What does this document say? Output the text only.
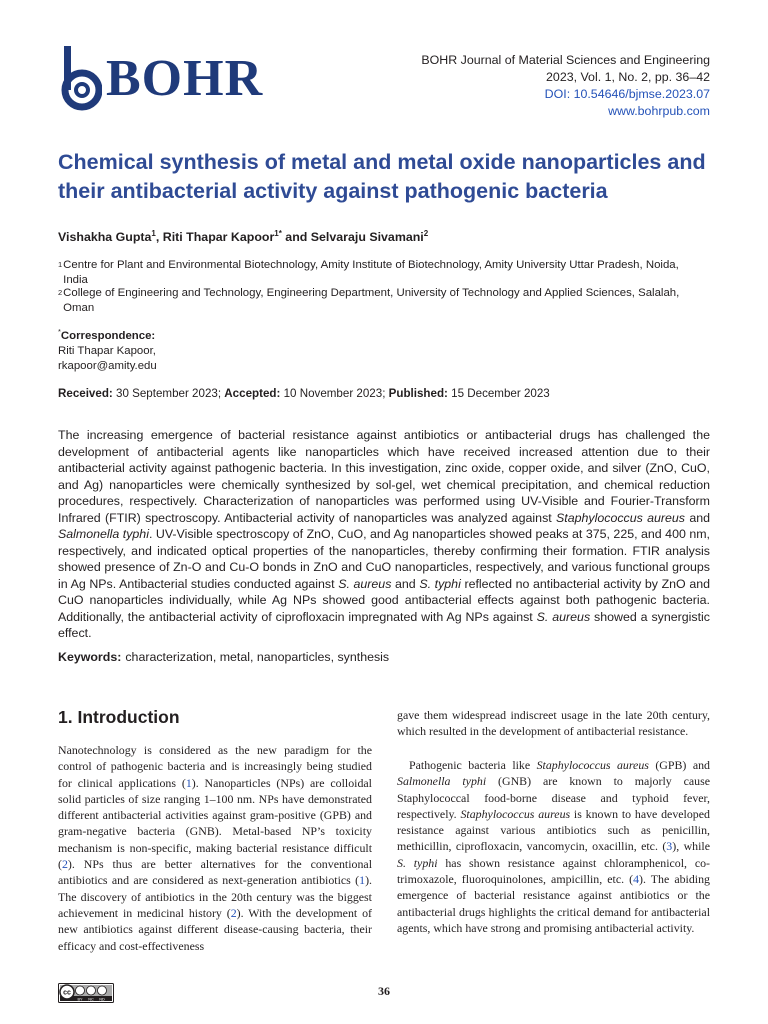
BOHR	BOHR Journal of Material Sciences and Engineering
2023, Vol. 1, No. 2, pp. 36–42
DOI: 10.54646/bjmse.2023.07
www.bohrpub.com
Chemical synthesis of metal and metal oxide nanoparticles and their antibacterial activity against pathogenic bacteria
Vishakha Gupta$^1$, Riti Thapar Kapoor$^{1*}$ and Selvaraju Sivamani$^2$
$^1$Centre for Plant and Environmental Biotechnology, Amity Institute of Biotechnology, Amity University Uttar Pradesh, Noida, India
$^2$College of Engineering and Technology, Engineering Department, University of Technology and Applied Sciences, Salalah, Oman
*Correspondence:
Riti Thapar Kapoor,
rkapoor@amity.edu
Received: 30 September 2023; Accepted: 10 November 2023; Published: 15 December 2023

The increasing emergence of bacterial resistance against antibiotics or antibacterial drugs has challenged the development of antibacterial agents like nanoparticles which have received increased attention due to their antibacterial activity against pathogenic bacteria. In this investigation, zinc oxide, copper oxide, and silver (ZnO, CuO, and Ag) nanoparticles were chemically synthesized by sol-gel, wet chemical precipitation, and chemical reduction procedures, respectively. Characterization of nanoparticles was performed using UV-Visible and Fourier-Transform Infrared (FTIR) spectroscopy. Antibacterial activity of nanoparticles was analyzed against Staphylococcus aureus and Salmonella typhi. UV-Visible spectroscopy of ZnO, CuO, and Ag nanoparticles showed peaks at 375, 225, and 400 nm, respectively, and indicated optical properties of the nanoparticles, thereby confirming their formation. FTIR analysis showed presence of Zn-O and Cu-O bonds in ZnO and CuO nanoparticles, respectively, and various functional groups in Ag NPs. Antibacterial studies conducted against S. aureus and S. typhi reflected no antibacterial activity by ZnO and CuO nanoparticles individually, while Ag NPs showed good antibacterial effects against both pathogenic bacteria. Additionally, the antibacterial activity of ciprofloxacin impregnated with Ag NPs against S. aureus showed a synergistic effect.

Keywords: characterization, metal, nanoparticles, synthesis
1. Introduction

Nanotechnology is considered as the new paradigm for the control of pathogenic bacteria and is increasingly being studied for clinical applications (1). Nanoparticles (NPs) are colloidal solid particles of size ranging 1–100 nm. NPs have demonstrated different antibacterial activities against gram-positive (GPB) and gram-negative bacteria (GNB). Metal-based NP’s toxicity mechanism is non-specific, making bacterial resistance difficult (2). NPs thus are better alternatives for the conventional antibiotics and are considered as next-generation antibiotics (1). The discovery of antibiotics in the 20th century was the biggest achievement in medicinal history (2). With the development of new antibiotics against different disease-causing bacteria, their efficacy and cost-effectiveness

gave them widespread indiscreet usage in the late 20th century, which resulted in the development of antibacterial resistance.

Pathogenic bacteria like Staphylococcus aureus (GPB) and Salmonella typhi (GNB) are known to majorly cause Staphylococcal food-borne disease and typhoid fever, respectively. Staphylococcus aureus is known to have developed resistance against various antibiotics such as penicillin, methicillin, ciprofloxacin, vancomycin, oxacillin, etc. (3), while S. typhi has shown resistance against chloramphenicol, co-trimoxazole, fluoroquinolones, ampicillin, etc. (4). The abiding emergence of bacterial resistance against antibiotics or the antibacterial drugs highlights the critical demand for antibacterial agents, which have strong and promising antibacterial activity.

cc
BY NC ND
36
